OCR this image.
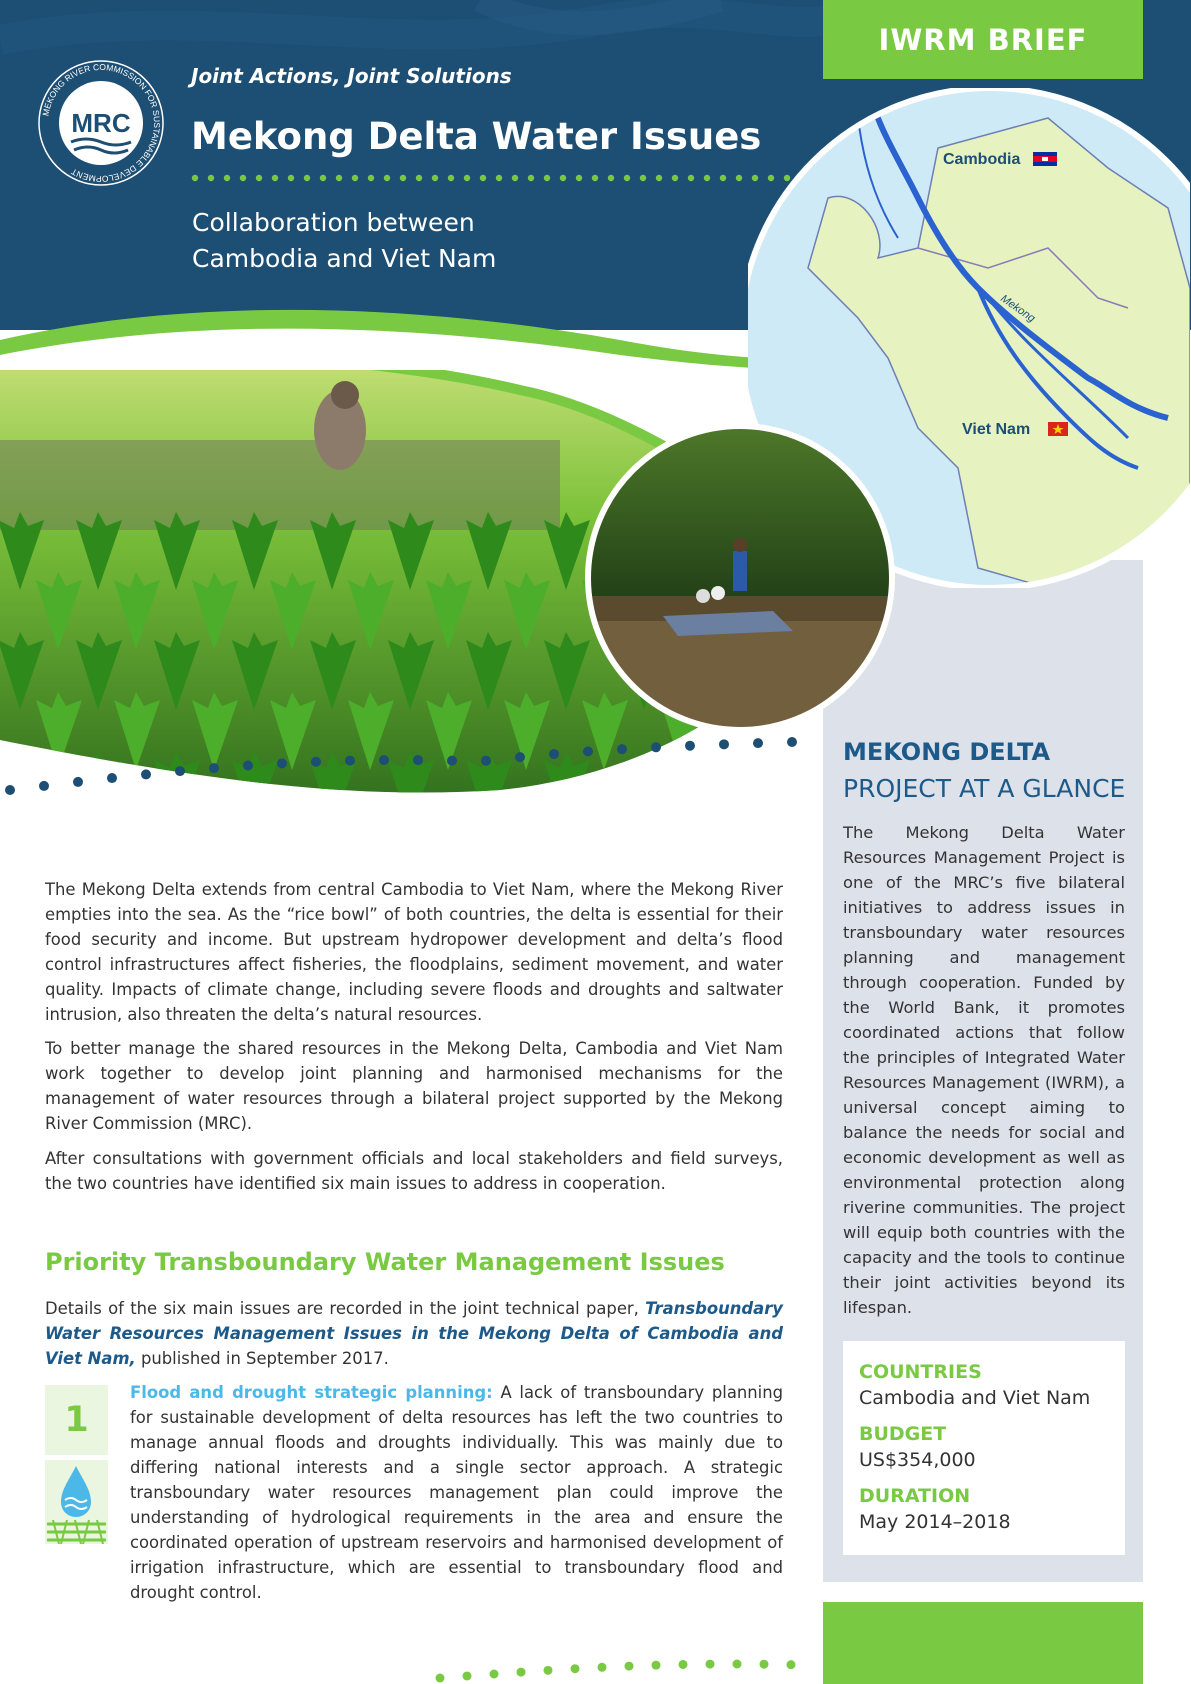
MRC
MEKONG RIVER COMMISSION FOR SUSTAINABLE DEVELOPMENT
Joint Actions, Joint Solutions
Mekong Delta Water Issues
Collaboration between
Cambodia and Viet Nam
IWRM BRIEF
Cambodia
Mekong
Viet Nam

The Mekong Delta extends from central Cambodia to Viet Nam, where the Mekong River empties into the sea. As the “rice bowl” of both countries, the delta is essential for their food security and income. But upstream hydropower development and delta’s flood control infrastructures affect fisheries, the floodplains, sediment movement, and water quality. Impacts of climate change, including severe floods and droughts and saltwater intrusion, also threaten the delta’s natural resources.

To better manage the shared resources in the Mekong Delta, Cambodia and Viet Nam work together to develop joint planning and harmonised mechanisms for the management of water resources through a bilateral project supported by the Mekong River Commission (MRC).

After consultations with government officials and local stakeholders and field surveys, the two countries have identified six main issues to address in cooperation.

Priority Transboundary Water Management Issues

Details of the six main issues are recorded in the joint technical paper, Transboundary Water Resources Management Issues in the Mekong Delta of Cambodia and Viet Nam, published in September 2017.

1

Flood and drought strategic planning: A lack of transboundary planning for sustainable development of delta resources has left the two countries to manage annual floods and droughts individually. This was mainly due to differing national interests and a single sector approach. A strategic transboundary water resources management plan could improve the understanding of hydrological requirements in the area and ensure the coordinated operation of upstream reservoirs and harmonised development of irrigation infrastructure, which are essential to transboundary flood and drought control.

MEKONG DELTA
PROJECT AT A GLANCE
The Mekong Delta Water Resources Management Project is one of the MRC’s five bilateral initiatives to address issues in transboundary water resources planning and management through cooperation. Funded by the World Bank, it promotes coordinated actions that follow the principles of Integrated Water Resources Management (IWRM), a universal concept aiming to balance the needs for social and economic development as well as environmental protection along riverine communities. The project will equip both countries with the capacity and the tools to continue their joint activities beyond its lifespan.

COUNTRIES

Cambodia and Viet Nam

BUDGET

US$354,000

DURATION

May 2014–2018
